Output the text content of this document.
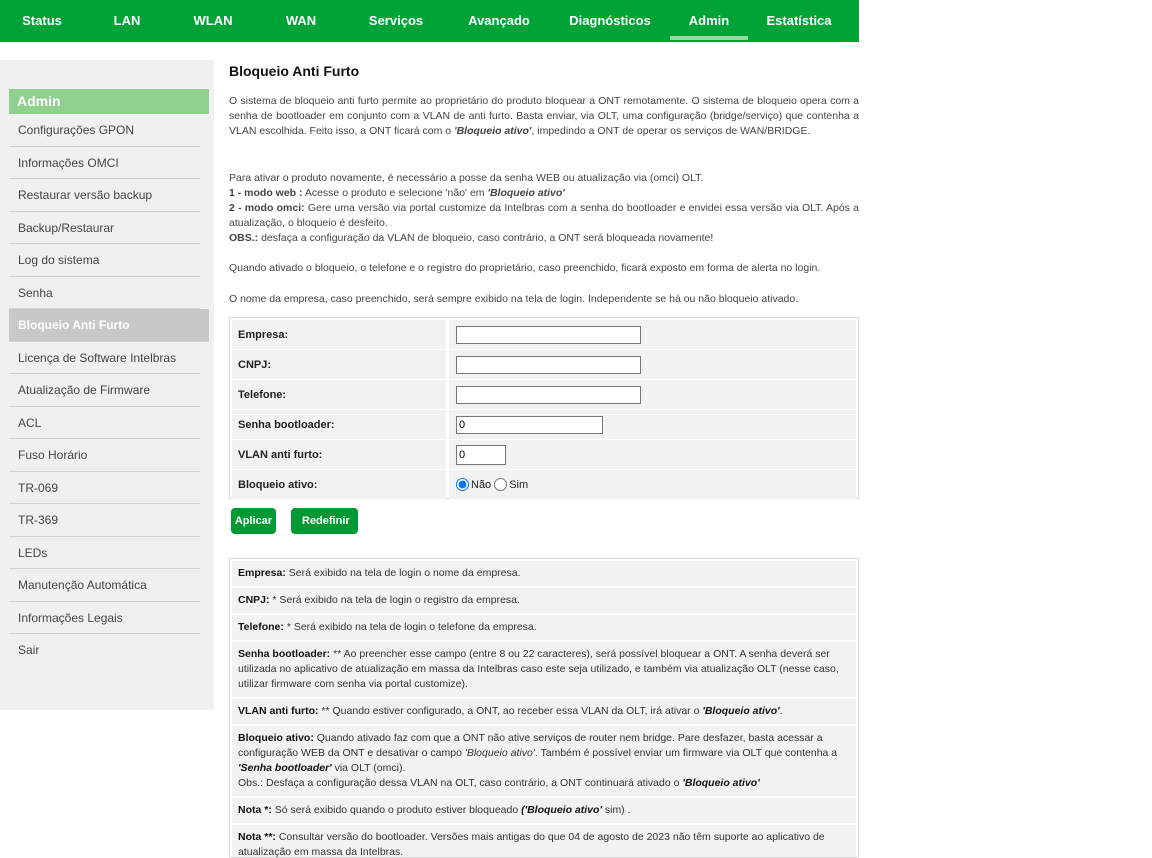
Status	LAN	WLAN	WAN	Serviços	Avançado	Diagnósticos	Admin	Estatística
Admin
Configurações GPON
Informações OMCI
Restaurar versão backup
Backup/Restaurar
Log do sistema
Senha
Bloqueio Anti Furto
Licença de Software Intelbras
Atualização de Firmware
ACL
Fuso Horário
TR-069
TR-369
LEDs
Manutenção Automática
Informações Legais
Sair
Bloqueio Anti Furto

O sistema de bloqueio anti furto permite ao proprietário do produto bloquear a ONT remotamente. O sistema de bloqueio opera com a senha de bootloader em conjunto com a VLAN de anti furto. Basta enviar, via OLT, uma configuração (bridge/serviço) que contenha a VLAN escolhida. Feito isso, a ONT ficará com o 'Bloqueio ativo', impedindo a ONT de operar os serviços de WAN/BRIDGE.

Para ativar o produto novamente, é necessário a posse da senha WEB ou atualização via (omci) OLT.
1 - modo web : Acesse o produto e selecione 'não' em 'Bloqueio ativo'
2 - modo omci: Gere uma versão via portal customize da Intelbras com a senha do bootloader e envidei essa versão via OLT. Após a atualização, o bloqueio é desfeito.
OBS.: desfaça a configuração da VLAN de bloqueio, caso contrário, a ONT será bloqueada novamente!

Quando ativado o bloqueio, o telefone e o registro do proprietário, caso preenchido, ficará exposto em forma de alerta no login.

O nome da empresa, caso preenchido, será sempre exibido na tela de login. Independente se há ou não bloqueio ativado.

Empresa:
CNPJ:
Telefone:
Senha bootloader:
0
VLAN anti furto:
0
Bloqueio ativo:	Não Sim
Aplicar	Redefinir
Empresa: Será exibido na tela de login o nome da empresa.
CNPJ: * Será exibido na tela de login o registro da empresa.
Telefone: * Será exibido na tela de login o telefone da empresa.
Senha bootloader: ** Ao preencher esse campo (entre 8 ou 22 caracteres), será possível bloquear a ONT. A senha deverá ser utilizada no aplicativo de atualização em massa da Intelbras caso este seja utilizado, e também via atualização OLT (nesse caso, utilizar firmware com senha via portal customize).
VLAN anti furto: ** Quando estiver configurado, a ONT, ao receber essa VLAN da OLT, irá ativar o 'Bloqueio ativo'.
Bloqueio ativo: Quando ativado faz com que a ONT não ative serviços de router nem bridge. Pare desfazer, basta acessar a configuração WEB da ONT e desativar o campo 'Bloqueio ativo'. Também é possível enviar um firmware via OLT que contenha a 'Senha bootloader' via OLT (omci).
Obs.: Desfaça a configuração dessa VLAN na OLT, caso contrário, a ONT continuará ativado o 'Bloqueio ativo'
Nota *: Só será exibido quando o produto estiver bloqueado ('Bloqueio ativo' sim) .
Nota **: Consultar versão do bootloader. Versões mais antigas do que 04 de agosto de 2023 não têm suporte ao aplicativo de atualização em massa da Intelbras.
